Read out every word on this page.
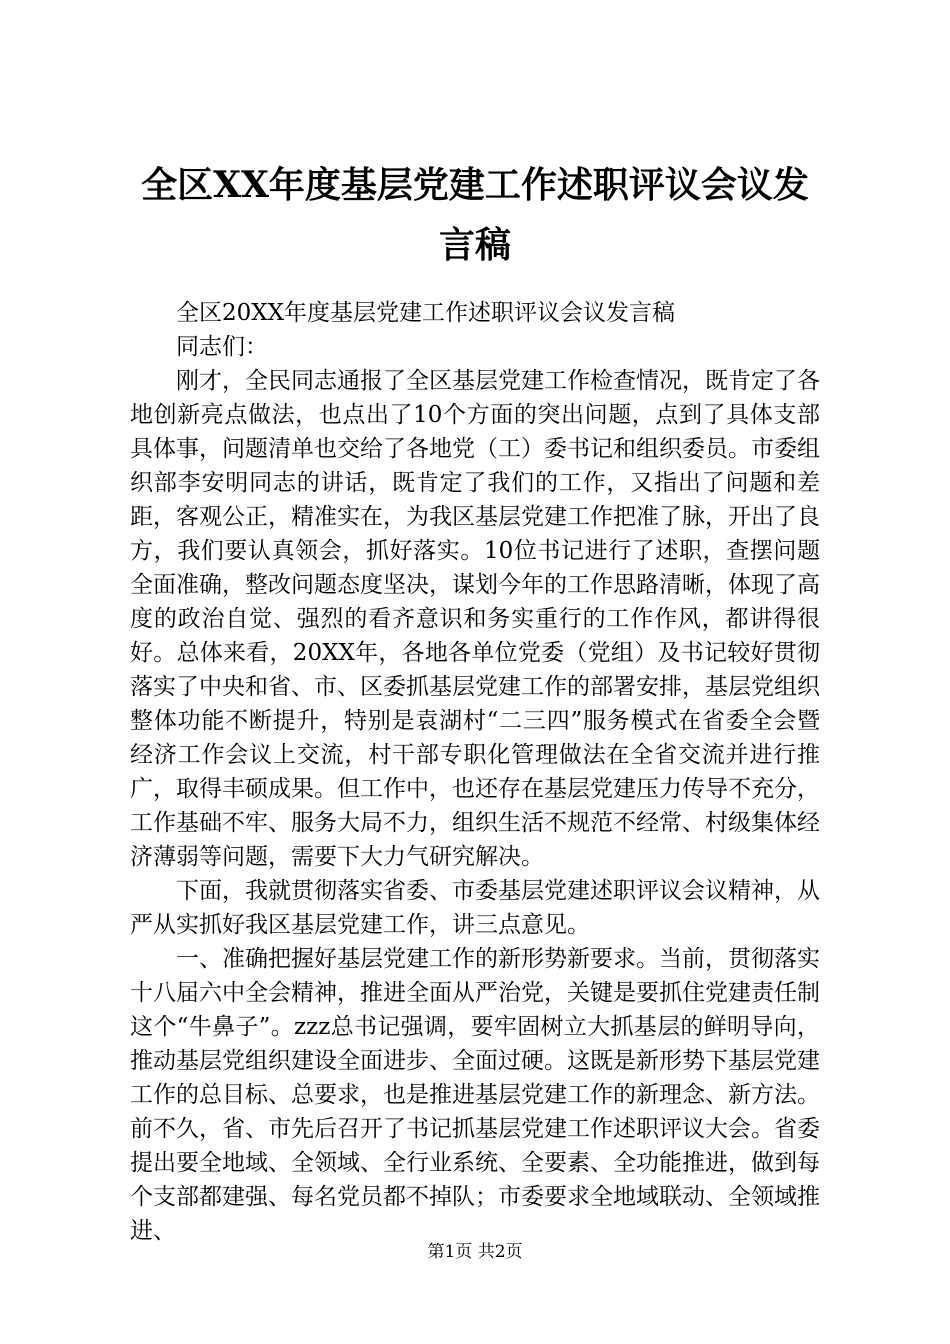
全区XX年度基层党建工作述职评议会议发言稿

全区20XX年度基层党建工作述职评议会议发言稿

同志们：

刚才，全民同志通报了全区基层党建工作检查情况，既肯定了各地创新亮点做法，也点出了10个方面的突出问题，点到了具体支部具体事，问题清单也交给了各地党（工）委书记和组织委员。市委组织部李安明同志的讲话，既肯定了我们的工作，又指出了问题和差距，客观公正，精准实在，为我区基层党建工作把准了脉，开出了良方，我们要认真领会，抓好落实。10位书记进行了述职，查摆问题全面准确，整改问题态度坚决，谋划今年的工作思路清晰，体现了高度的政治自觉、强烈的看齐意识和务实重行的工作作风，都讲得很好。总体来看，20XX年，各地各单位党委（党组）及书记较好贯彻落实了中央和省、市、区委抓基层党建工作的部署安排，基层党组织整体功能不断提升，特别是袁湖村“二三四”服务模式在省委全会暨经济工作会议上交流，村干部专职化管理做法在全省交流并进行推广，取得丰硕成果。但工作中，也还存在基层党建压力传导不充分，工作基础不牢、服务大局不力，组织生活不规范不经常、村级集体经济薄弱等问题，需要下大力气研究解决。

下面，我就贯彻落实省委、市委基层党建述职评议会议精神，从严从实抓好我区基层党建工作，讲三点意见。

一、准确把握好基层党建工作的新形势新要求。当前，贯彻落实十八届六中全会精神，推进全面从严治党，关键是要抓住党建责任制这个“牛鼻子”。zzz总书记强调，要牢固树立大抓基层的鲜明导向，推动基层党组织建设全面进步、全面过硬。这既是新形势下基层党建工作的总目标、总要求，也是推进基层党建工作的新理念、新方法。前不久，省、市先后召开了书记抓基层党建工作述职评议大会。省委提出要全地域、全领域、全行业系统、全要素、全功能推进，做到每个支部都建强、每名党员都不掉队；市委要求全地域联动、全领域推进、

第1页 共2页
